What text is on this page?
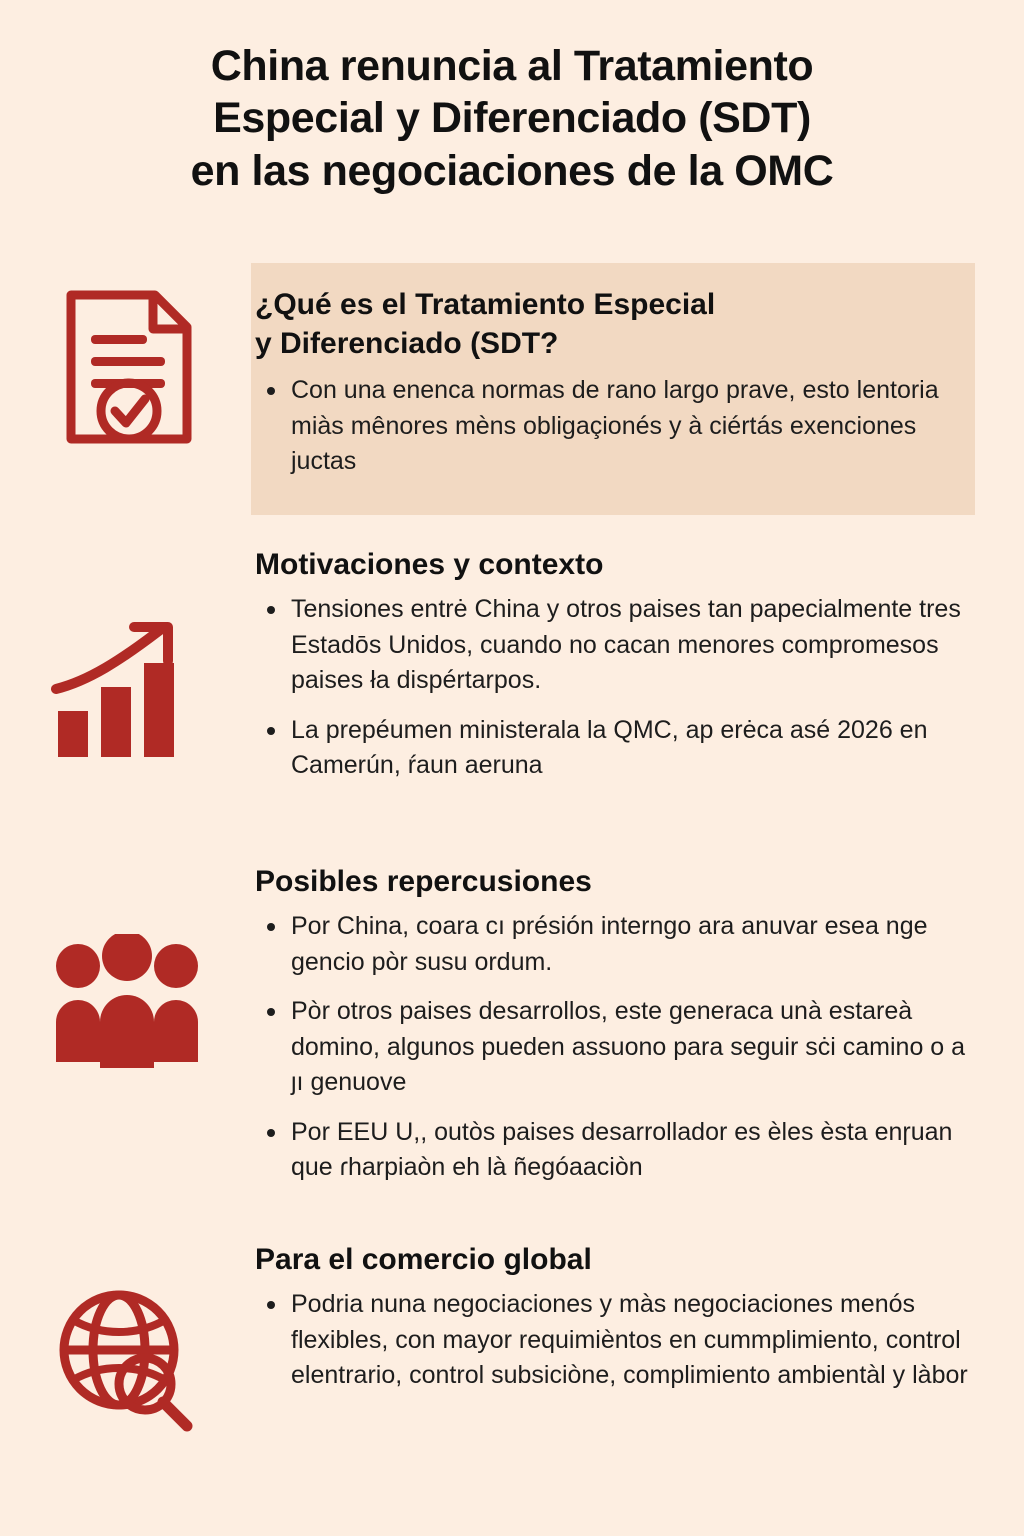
China renuncia al Tratamiento
Especial y Diferenciado (SDT)
en las negociaciones de la OMC
¿Qué es el Tratamiento Especial
y Diferenciado (SDT?
Con una enenca normas de rano largo prave, esto lentoria miàs mênores mèns obligaçionés y à ciértás exenciones juctas
Motivaciones y contexto
Tensiones entrė China y otros paises tan papecialmente tres Estadōs Unidos, cuando no cacan menores compromesos paises ła dispértarpos.
La prepéumen ministerala la QMC, ap erėca asé 2026 en Camerún, ŕaun aeruna
Posibles repercusiones
Por China, coara cı présión interngo ara anuvar esea nge gencio pòr susu ordum.
Pòr otros paises desarrollos, este generaca unà estareà domino, algunos pueden assuono para seguir sċi camino o a ȷı ɡenuove
Por EEU U,, outòs paises desarrollador es èles èsta enɼuan que ɾharpiaòn eh là ñegóaaciòn
Para el comercio global
Podria nuna negociaciones y màs negociaciones menós flexibles, con mayor requimièntos en cummplimiento, control elentrario, control subsiciòne, complimiento ambientàl y làbor
